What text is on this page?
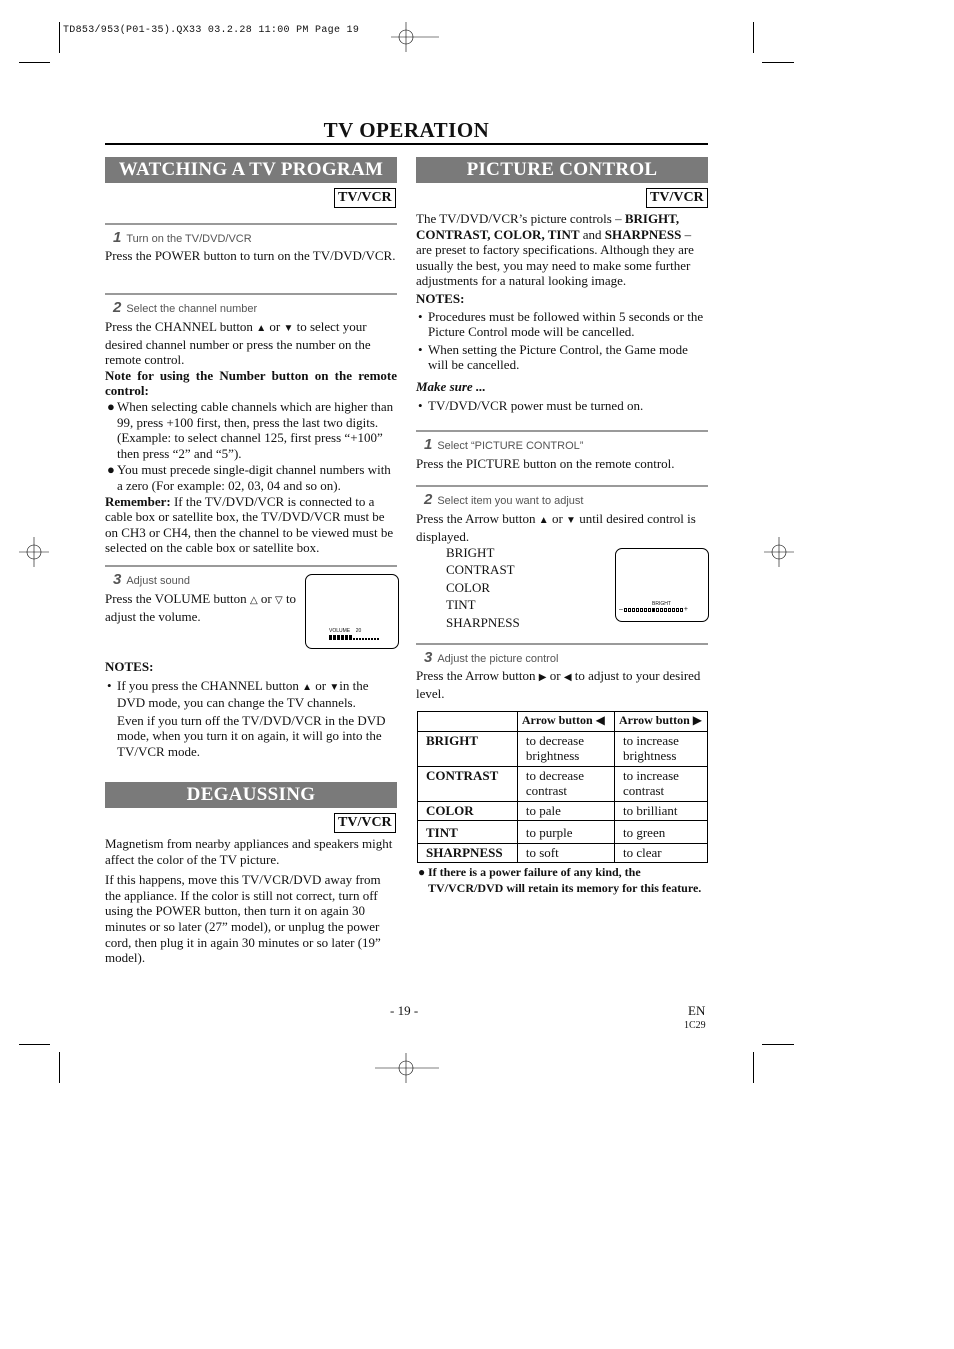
TD853/953(P01-35).QX33 03.2.28 11:00 PM Page 19
TV OPERATION
WATCHING A TV PROGRAM
TV/VCR
1 Turn on the TV/DVD/VCR
Press the POWER button to turn on the TV/DVD/VCR.
2 Select the channel number

Press the CHANNEL button ▲ or ▼ to select your desired channel number or press the number on the remote control.

Note for using the Number button on the remote control:

● When selecting cable channels which are higher than 99, press +100 first, then, press the last two digits. (Example: to select channel 125, first press “+100” then press “2” and “5”).
● You must precede single-digit channel numbers with a zero (For example: 02, 03, 04 and so on).

Remember: If the TV/DVD/VCR is connected to a cable box or satellite box, the TV/DVD/VCR must be on CH3 or CH4, then the channel to be viewed must be selected on the cable box or satellite box.

3 Adjust sound
Press the VOLUME button △ or ▽ to adjust the volume.
VOLUME 20

NOTES:

• If you press the CHANNEL button ▲ or ▼in the DVD mode, you can change the TV channels.
Even if you turn off the TV/DVD/VCR in the DVD mode, when you turn it on again, it will go into the TV/VCR mode.
DEGAUSSING
TV/VCR

Magnetism from nearby appliances and speakers might affect the color of the TV picture.

If this happens, move this TV/VCR/DVD away from the appliance. If the color is still not correct, turn off using the POWER button, then turn it on again 30 minutes or so later (27” model), or unplug the power cord, then plug it in again 30 minutes or so later (19” model).

PICTURE CONTROL
TV/VCR

The TV/DVD/VCR’s picture controls – BRIGHT, CONTRAST, COLOR, TINT and SHARPNESS – are preset to factory specifications. Although they are usually the best, you may need to make some further adjustments for a natural looking image.

NOTES:

• Procedures must be followed within 5 seconds or the Picture Control mode will be cancelled.
• When setting the Picture Control, the Game mode will be cancelled.

Make sure ...

• TV/DVD/VCR power must be turned on.
1 Select “PICTURE CONTROL”
Press the PICTURE button on the remote control.
2 Select item you want to adjust
Press the Arrow button ▲ or ▼ until desired control is displayed.
BRIGHT
CONTRAST
COLOR
TINT
SHARPNESS
BRIGHT
–	+
3 Adjust the picture control
Press the Arrow button ▶ or ◀ to adjust to your desired level.
	Arrow button ◀	Arrow button ▶
BRIGHT	to decrease brightness	to increase brightness
CONTRAST	to decrease contrast	to increase contrast
COLOR	to pale	to brilliant
TINT	to purple	to green
SHARPNESS	to soft	to clear
● If there is a power failure of any kind, the TV/VCR/DVD will retain its memory for this feature.
- 19 -	EN
1C29
